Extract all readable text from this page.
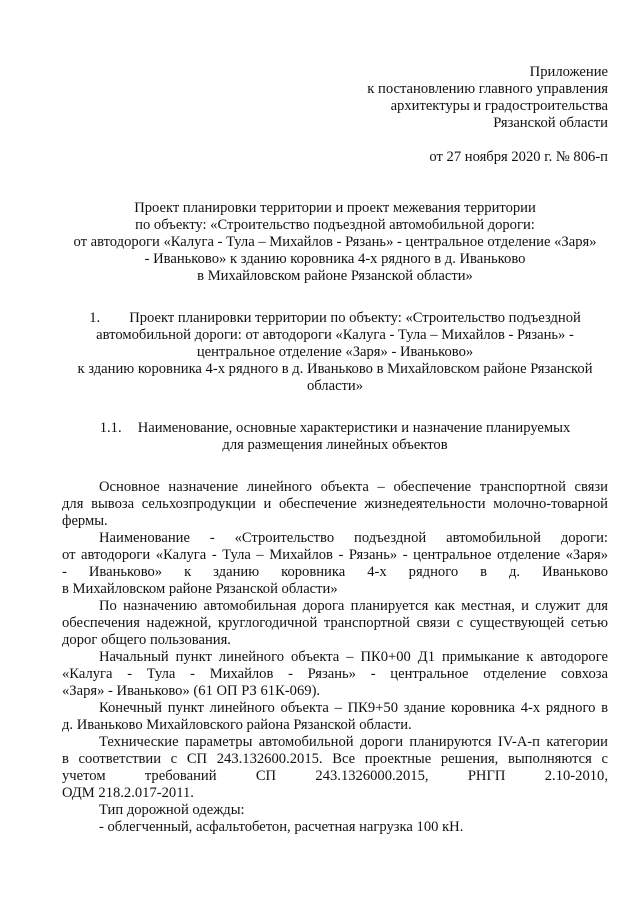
Приложение
к постановлению главного управления
архитектуры и градостроительства
Рязанской области
от 27 ноября 2020 г. № 806-п
Проект планировки территории и проект межевания территории
по объекту: «Строительство подъездной автомобильной дороги:
от автодороги «Калуга - Тула – Михайлов - Рязань» - центральное отделение «Заря»
- Иваньково» к зданию коровника 4-х рядного в д. Иваньково
в Михайловском районе Рязанской области»
1. Проект планировки территории по объекту: «Строительство подъездной
автомобильной дороги: от автодороги «Калуга - Тула – Михайлов - Рязань» -
центральное отделение «Заря» - Иваньково»
к зданию коровника 4-х рядного в д. Иваньково в Михайловском районе Рязанской
области»
1.1. Наименование, основные характеристики и назначение планируемых
для размещения линейных объектов
Основное назначение линейного объекта – обеспечение транспортной связи
для вывоза сельхозпродукции и обеспечение жизнедеятельности молочно-товарной
фермы.
Наименование - «Строительство подъездной автомобильной дороги:
от автодороги «Калуга - Тула – Михайлов - Рязань» - центральное отделение «Заря»
- Иваньково» к зданию коровника 4-х рядного в д. Иваньково
в Михайловском районе Рязанской области»
По назначению автомобильная дорога планируется как местная, и служит для
обеспечения надежной, круглогодичной транспортной связи с существующей сетью
дорог общего пользования.
Начальный пункт линейного объекта – ПК0+00 Д1 примыкание к автодороге
«Калуга - Тула - Михайлов - Рязань» - центральное отделение совхоза
«Заря» - Иваньково» (61 ОП РЗ 61К-069).
Конечный пункт линейного объекта – ПК9+50 здание коровника 4-х рядного в
д. Иваньково Михайловского района Рязанской области.
Технические параметры автомобильной дороги планируются IV-А-п категории
в соответствии с СП 243.132600.2015. Все проектные решения, выполняются с
учетом требований СП 243.1326000.2015, РНГП 2.10-2010,
ОДМ 218.2.017-2011.
Тип дорожной одежды:
- облегченный, асфальтобетон, расчетная нагрузка 100 кН.
